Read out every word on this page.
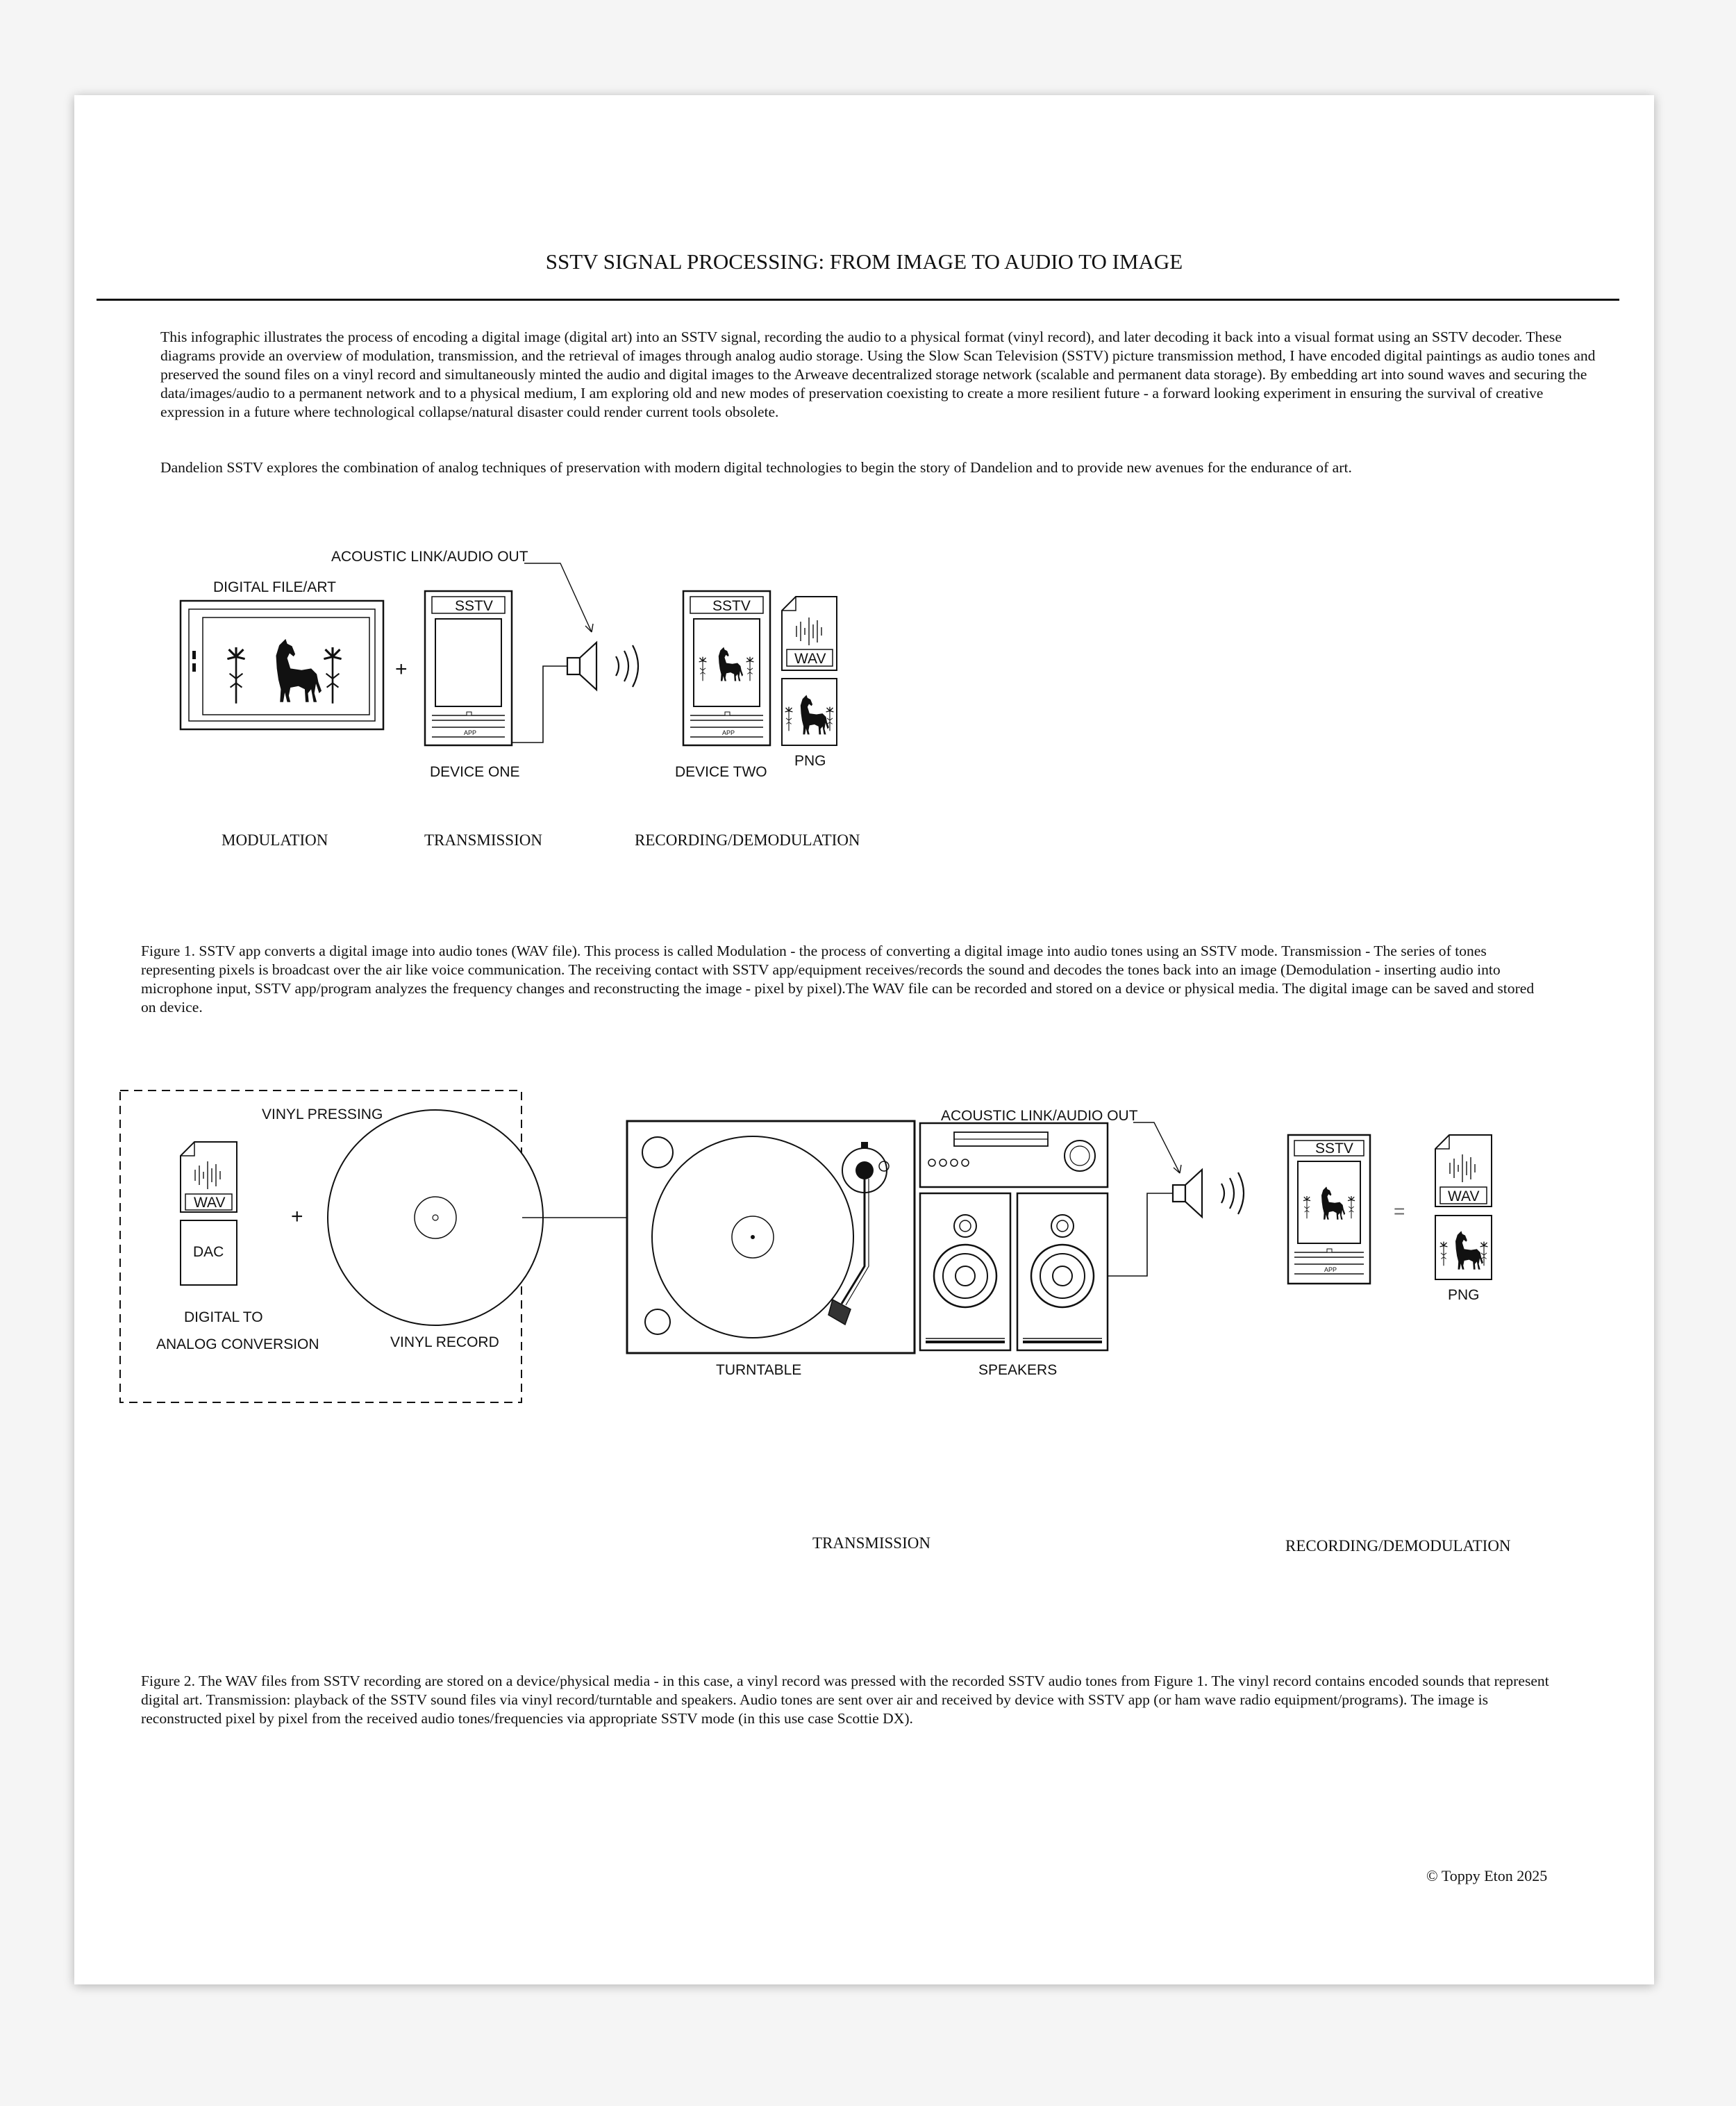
SSTV SIGNAL PROCESSING: FROM IMAGE TO AUDIO TO IMAGE

This infographic illustrates the process of encoding a digital image (digital art) into an SSTV signal, recording the audio to a physical format (vinyl record), and later decoding it back into a visual format using an SSTV decoder. These diagrams provide an overview of modulation, transmission, and the retrieval of images through analog audio storage. Using the Slow Scan Television (SSTV) picture transmission method, I have encoded digital paintings as audio tones and preserved the sound files on a vinyl record and simultaneously minted the audio and digital images to the Arweave decentralized storage network (scalable and permanent data storage). By embedding art into sound waves and securing the data/images/audio to a permanent network and to a physical medium, I am exploring old and new modes of preservation coexisting to create a more resilient future - a forward looking experiment in ensuring the survival of creative expression in a future where technological collapse/natural disaster could render current tools obsolete.

Dandelion SSTV explores the combination of analog techniques of preservation with modern digital technologies to begin the story of Dandelion and to provide new avenues for the endurance of art.

ACOUSTIC LINK/AUDIO OUT
DIGITAL FILE/ART
+
SSTV
APP
DEVICE ONE
SSTV
APP
DEVICE TWO
WAV
PNG
VINYL PRESSING
WAV
DAC
+
DIGITAL TO
ANALOG CONVERSION	VINYL RECORD
TURNTABLE	SPEAKERS
ACOUSTIC LINK/AUDIO OUT
SSTV
APP
=
WAV
PNG
MODULATION	TRANSMISSION	RECORDING/DEMODULATION

Figure 1. SSTV app converts a digital image into audio tones (WAV file). This process is called Modulation - the process of converting a digital image into audio tones using an SSTV mode. Transmission - The series of tones representing pixels is broadcast over the air like voice communication. The receiving contact with SSTV app/equipment receives/records the sound and decodes the tones back into an image (Demodulation - inserting audio into microphone input, SSTV app/program analyzes the frequency changes and reconstructing the image - pixel by pixel).The WAV file can be recorded and stored on a device or physical media. The digital image can be saved and stored on device.

TRANSMISSION	RECORDING/DEMODULATION

Figure 2. The WAV files from SSTV recording are stored on a device/physical media - in this case, a vinyl record was pressed with the recorded SSTV audio tones from Figure 1. The vinyl record contains encoded sounds that represent digital art. Transmission: playback of the SSTV sound files via vinyl record/turntable and speakers. Audio tones are sent over air and received by device with SSTV app (or ham wave radio equipment/programs). The image is reconstructed pixel by pixel from the received audio tones/frequencies via appropriate SSTV mode (in this use case Scottie DX).

© Toppy Eton 2025
